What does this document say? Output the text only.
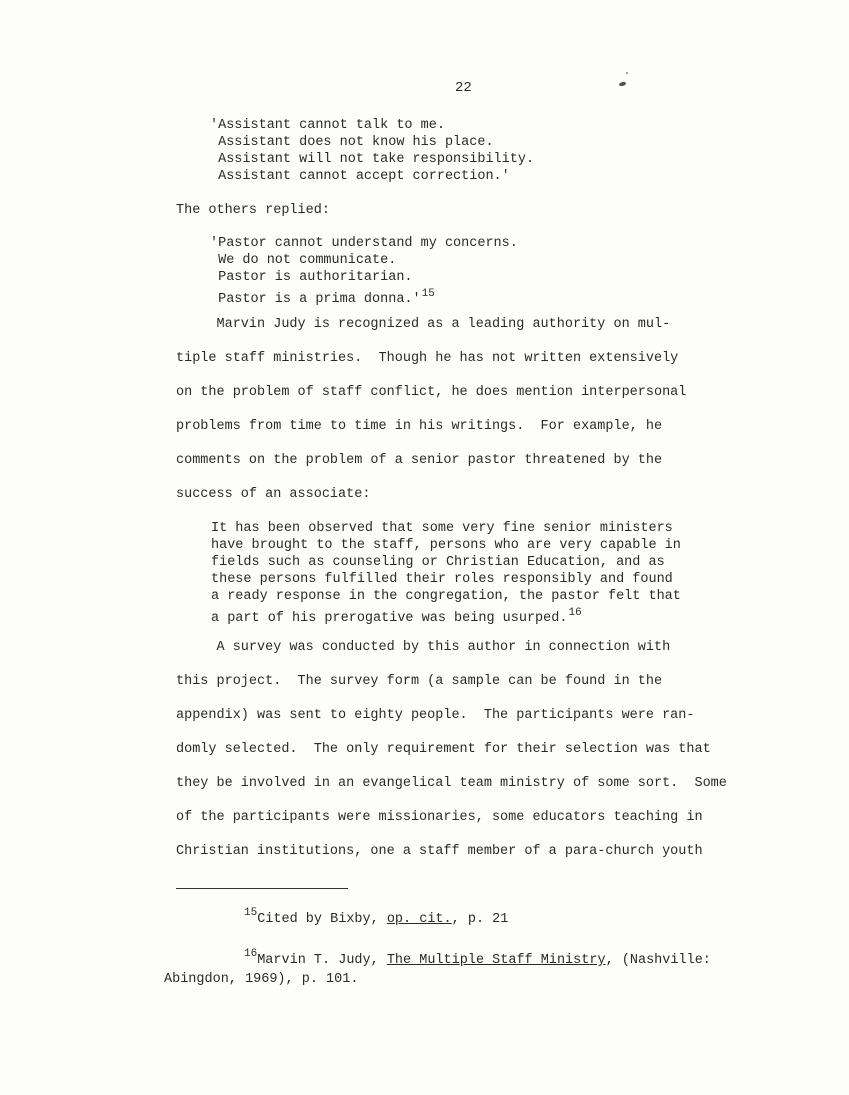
22
'Assistant cannot talk to me.
Assistant does not know his place.
Assistant will not take responsibility.
Assistant cannot accept correction.'
The others replied:
'Pastor cannot understand my concerns.
We do not communicate.
Pastor is authoritarian.
Pastor is a prima donna.'$^{15}$
Marvin Judy is recognized as a leading authority on mul-
tiple staff ministries.  Though he has not written extensively
on the problem of staff conflict, he does mention interpersonal
problems from time to time in his writings.  For example, he
comments on the problem of a senior pastor threatened by the
success of an associate:
It has been observed that some very fine senior ministers
have brought to the staff, persons who are very capable in
fields such as counseling or Christian Education, and as
these persons fulfilled their roles responsibly and found
a ready response in the congregation, the pastor felt that
a part of his prerogative was being usurped.$^{16}$
A survey was conducted by this author in connection with
this project.  The survey form (a sample can be found in the
appendix) was sent to eighty people.  The participants were ran-
domly selected.  The only requirement for their selection was that
they be involved in an evangelical team ministry of some sort.  Some
of the participants were missionaries, some educators teaching in
Christian institutions, one a staff member of a para-church youth
$^{15}$Cited by Bixby, op. cit., p. 21
$^{16}$Marvin T. Judy, The Multiple Staff Ministry, (Nashville:
Abingdon, 1969), p. 101.
